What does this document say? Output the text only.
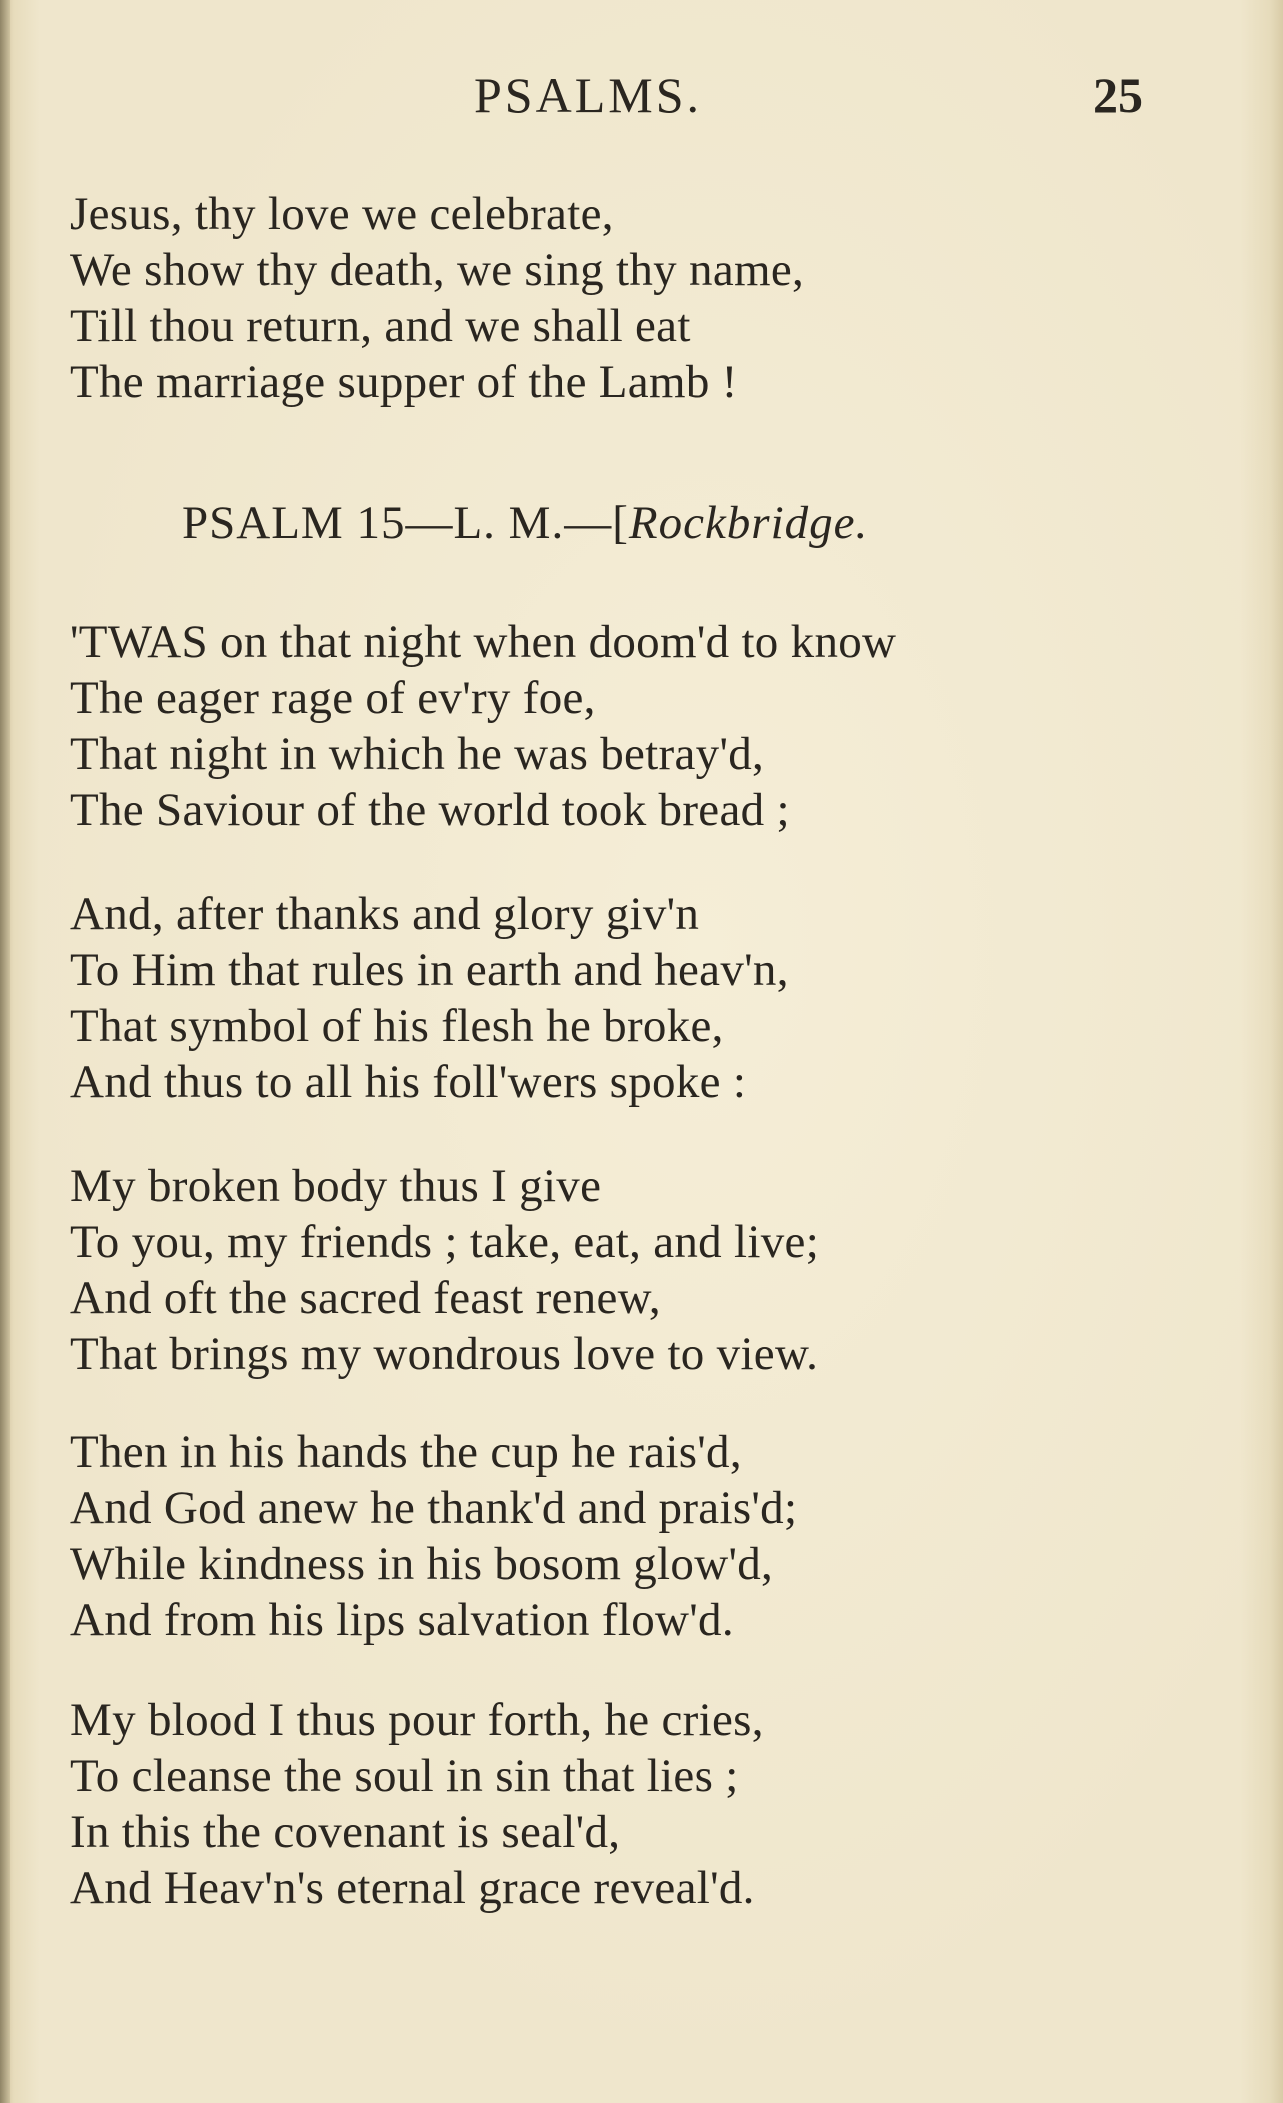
PSALMS.	25
Jesus, thy love we celebrate,
We show thy death, we sing thy name,
Till thou return, and we shall eat
The marriage supper of the Lamb !
PSALM 15—L. M.—[Rockbridge.
'TWAS on that night when doom'd to know
The eager rage of ev'ry foe,
That night in which he was betray'd,
The Saviour of the world took bread ;
And, after thanks and glory giv'n
To Him that rules in earth and heav'n,
That symbol of his flesh he broke,
And thus to all his foll'wers spoke :
My broken body thus I give
To you, my friends ; take, eat, and live;
And oft the sacred feast renew,
That brings my wondrous love to view.
Then in his hands the cup he rais'd,
And God anew he thank'd and prais'd;
While kindness in his bosom glow'd,
And from his lips salvation flow'd.
My blood I thus pour forth, he cries,
To cleanse the soul in sin that lies ;
In this the covenant is seal'd,
And Heav'n's eternal grace reveal'd.
